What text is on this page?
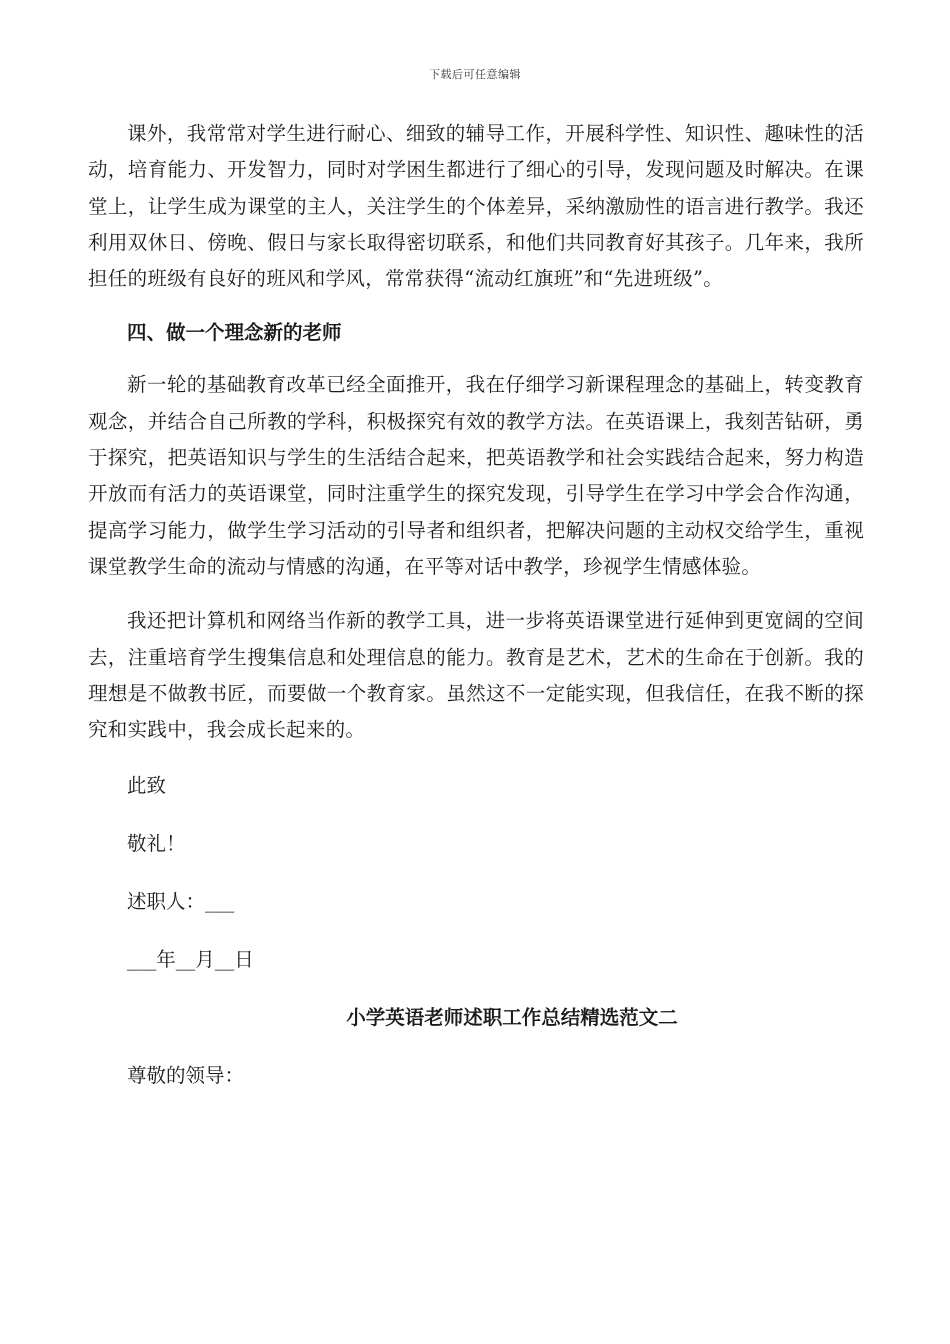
下载后可任意编辑

课外，我常常对学生进行耐心、细致的辅导工作，开展科学性、知识性、趣味性的活动，培育能力、开发智力，同时对学困生都进行了细心的引导，发现问题及时解决。在课堂上，让学生成为课堂的主人，关注学生的个体差异，采纳激励性的语言进行教学。我还利用双休日、傍晚、假日与家长取得密切联系，和他们共同教育好其孩子。几年来，我所担任的班级有良好的班风和学风，常常获得“流动红旗班”和“先进班级”。

四、做一个理念新的老师

新一轮的基础教育改革已经全面推开，我在仔细学习新课程理念的基础上，转变教育观念，并结合自己所教的学科，积极探究有效的教学方法。在英语课上，我刻苦钻研，勇于探究，把英语知识与学生的生活结合起来，把英语教学和社会实践结合起来，努力构造开放而有活力的英语课堂，同时注重学生的探究发现，引导学生在学习中学会合作沟通，提高学习能力，做学生学习活动的引导者和组织者，把解决问题的主动权交给学生，重视课堂教学生命的流动与情感的沟通，在平等对话中教学，珍视学生情感体验。

我还把计算机和网络当作新的教学工具，进一步将英语课堂进行延伸到更宽阔的空间去，注重培育学生搜集信息和处理信息的能力。教育是艺术，艺术的生命在于创新。我的理想是不做教书匠，而要做一个教育家。虽然这不一定能实现，但我信任，在我不断的探究和实践中，我会成长起来的。

此致

敬礼！

述职人：___

___年__月__日

小学英语老师述职工作总结精选范文二

尊敬的领导：
